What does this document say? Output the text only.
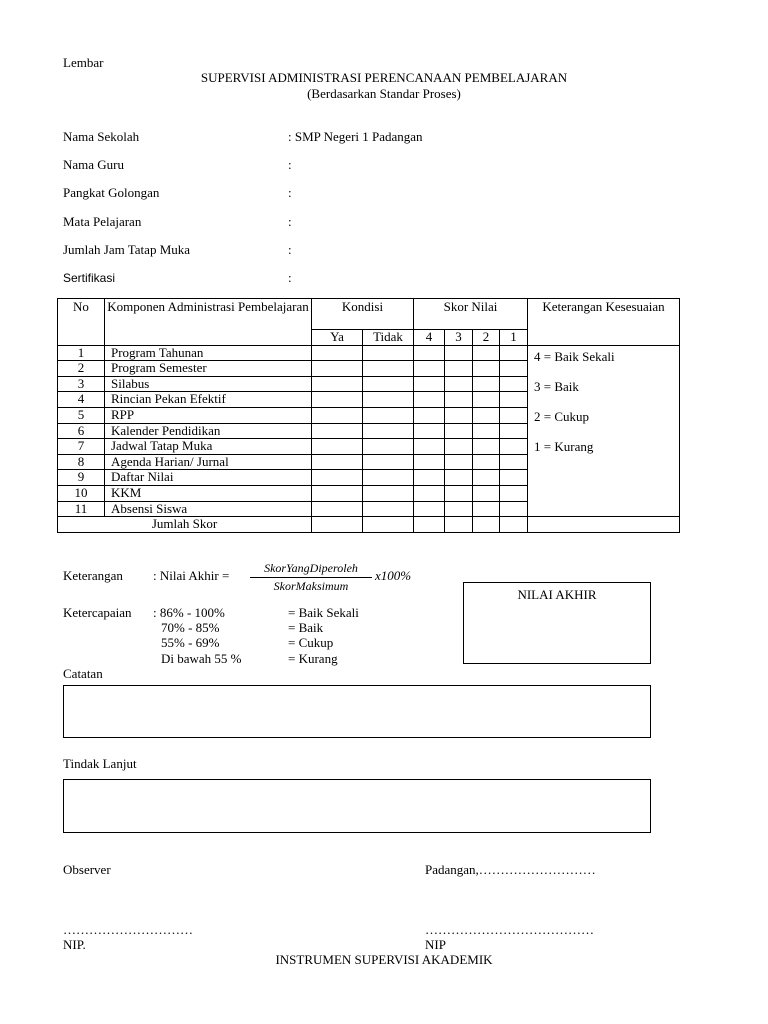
Lembar
SUPERVISI ADMINISTRASI PERENCANAAN PEMBELAJARAN
(Berdasarkan Standar Proses)
Nama Sekolah	: SMP Negeri 1 Padangan
Nama Guru	:
Pangkat Golongan	:
Mata Pelajaran	:
Jumlah Jam Tatap Muka	:
Sertifikasi	:
No	Komponen Administrasi Pembelajaran	Kondisi		Skor Nilai				Keterangan Kesesuaian
		Ya	Tidak	4	3	2	1	
1	Program Tahunan							4 = Baik Sekali
3 = Baik
2 = Cukup
1 = Kurang

2	Program Semester							
3	Silabus							
4	Rincian Pekan Efektif							
5	RPP							
6	Kalender Pendidikan							
7	Jadwal Tatap Muka							
8	Agenda Harian/ Jurnal							
9	Daftar Nilai							
10	KKM							
11	Absensi Siswa							
Jumlah Skor								
Keterangan : Nilai Akhir =	SkorYangDiperoleh
SkorMaksimum
x100%
NILAI AKHIR
Ketercapaian : 86% - 100%	= Baik Sekali
70% - 85%	= Baik
55% - 69%	= Cukup
Di bawah 55 %	= Kurang
Catatan
Tindak Lanjut
Observer	Padangan,………………………
…………………………	…………………………………
NIP.	NIP
INSTRUMEN SUPERVISI AKADEMIK
